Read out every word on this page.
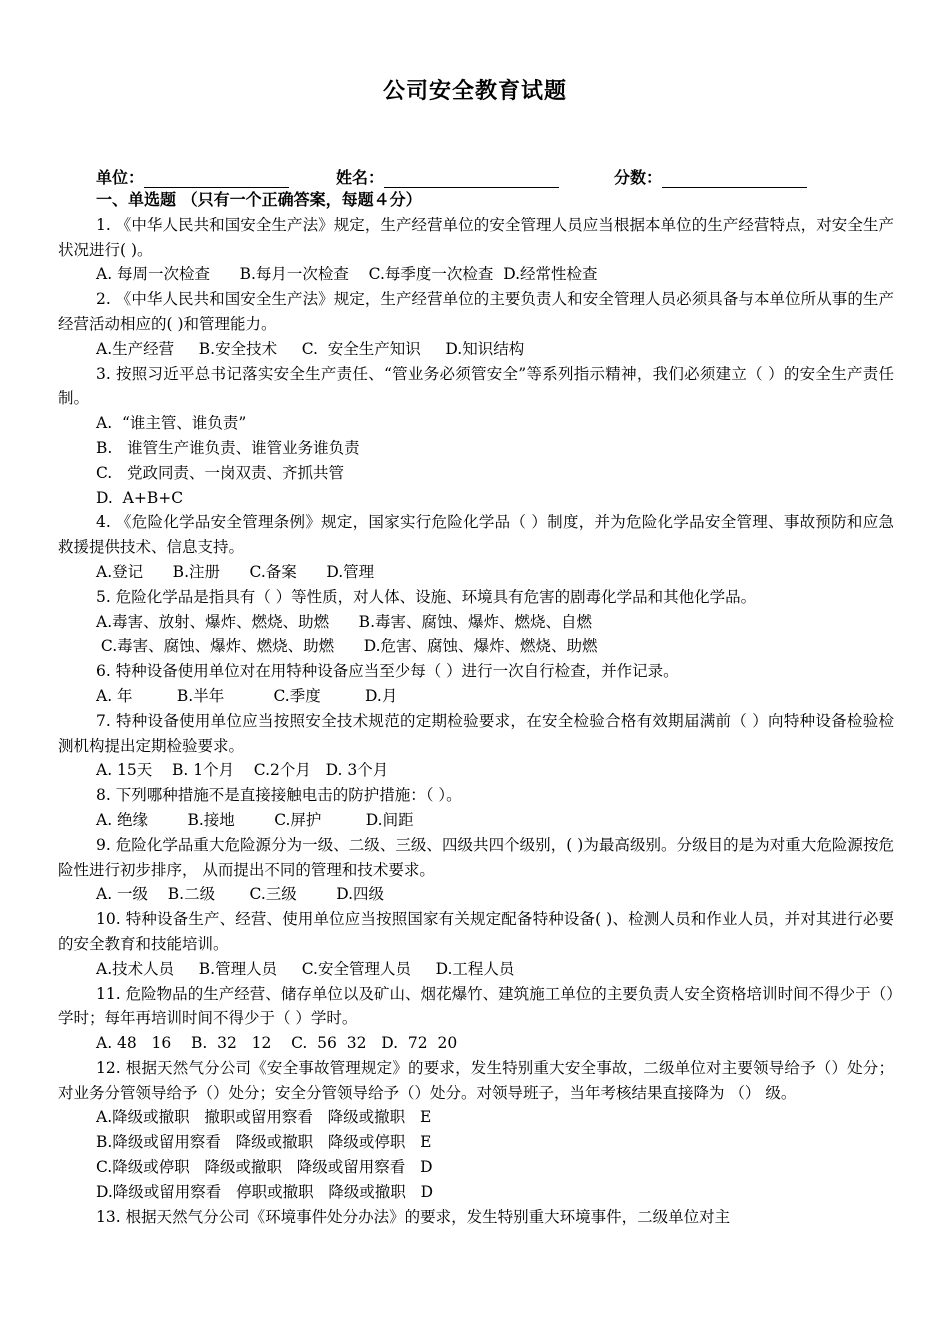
公司安全教育试题
单位：	姓名：	分数：
一、单选题 （只有一个正确答案，每题４分）

1. 《中华人民共和国安全生产法》规定，生产经营单位的安全管理人员应当根据本单位的生产经营特点，对安全生产状况进行( )。

A. 每周一次检查      B.每月一次检查    C.每季度一次检查  D.经常性检查

2. 《中华人民共和国安全生产法》规定，生产经营单位的主要负责人和安全管理人员必须具备与本单位所从事的生产经营活动相应的( )和管理能力。

A.生产经营     B.安全技术     C.  安全生产知识     D.知识结构

3. 按照习近平总书记落实安全生产责任、“管业务必须管安全”等系列指示精神，我们必须建立（ ）的安全生产责任制。

A.  “谁主管、谁负责”
B.   谁管生产谁负责、谁管业务谁负责
C.   党政同责、一岗双责、齐抓共管
D.  A+B+C

4. 《危险化学品安全管理条例》规定，国家实行危险化学品（ ）制度，并为危险化学品安全管理、事故预防和应急救援提供技术、信息支持。

A.登记      B.注册      C.备案      D.管理

5. 危险化学品是指具有（ ）等性质，对人体、设施、环境具有危害的剧毒化学品和其他化学品。

A.毒害、放射、爆炸、燃烧、助燃      B.毒害、腐蚀、爆炸、燃烧、自燃
C.毒害、腐蚀、爆炸、燃烧、助燃      D.危害、腐蚀、爆炸、燃烧、助燃

6. 特种设备使用单位对在用特种设备应当至少每（ ）进行一次自行检查，并作记录。

A. 年         B.半年          C.季度         D.月

7. 特种设备使用单位应当按照安全技术规范的定期检验要求，在安全检验合格有效期届满前（ ）向特种设备检验检测机构提出定期检验要求。

A. 15天    B. 1个月    C.2个月   D. 3个月

8. 下列哪种措施不是直接接触电击的防护措施：（ ）。

A. 绝缘        B.接地        C.屏护         D.间距

9. 危险化学品重大危险源分为一级、二级、三级、四级共四个级别，( )为最高级别。分级目的是为对重大危险源按危险性进行初步排序， 从而提出不同的管理和技术要求。

A. 一级    B.二级       C.三级        D.四级

10. 特种设备生产、经营、使用单位应当按照国家有关规定配备特种设备( )、检测人员和作业人员，并对其进行必要的安全教育和技能培训。

A.技术人员     B.管理人员     C.安全管理人员     D.工程人员

11. 危险物品的生产经营、储存单位以及矿山、烟花爆竹、建筑施工单位的主要负责人安全资格培训时间不得少于（）学时；每年再培训时间不得少于（ ）学时。

A. 48   16    B.  32   12    C.  56  32   D.  72  20

12. 根据天然气分公司《安全事故管理规定》的要求，发生特别重大安全事故，二级单位对主要领导给予（）处分；对业务分管领导给予（）处分；安全分管领导给予（）处分。对领导班子，当年考核结果直接降为 （） 级。

A.降级或撤职   撤职或留用察看   降级或撤职   E
B.降级或留用察看   降级或撤职   降级或停职   E
C.降级或停职   降级或撤职   降级或留用察看   D
D.降级或留用察看   停职或撤职   降级或撤职   D

13. 根据天然气分公司《环境事件处分办法》的要求，发生特别重大环境事件，二级单位对主
